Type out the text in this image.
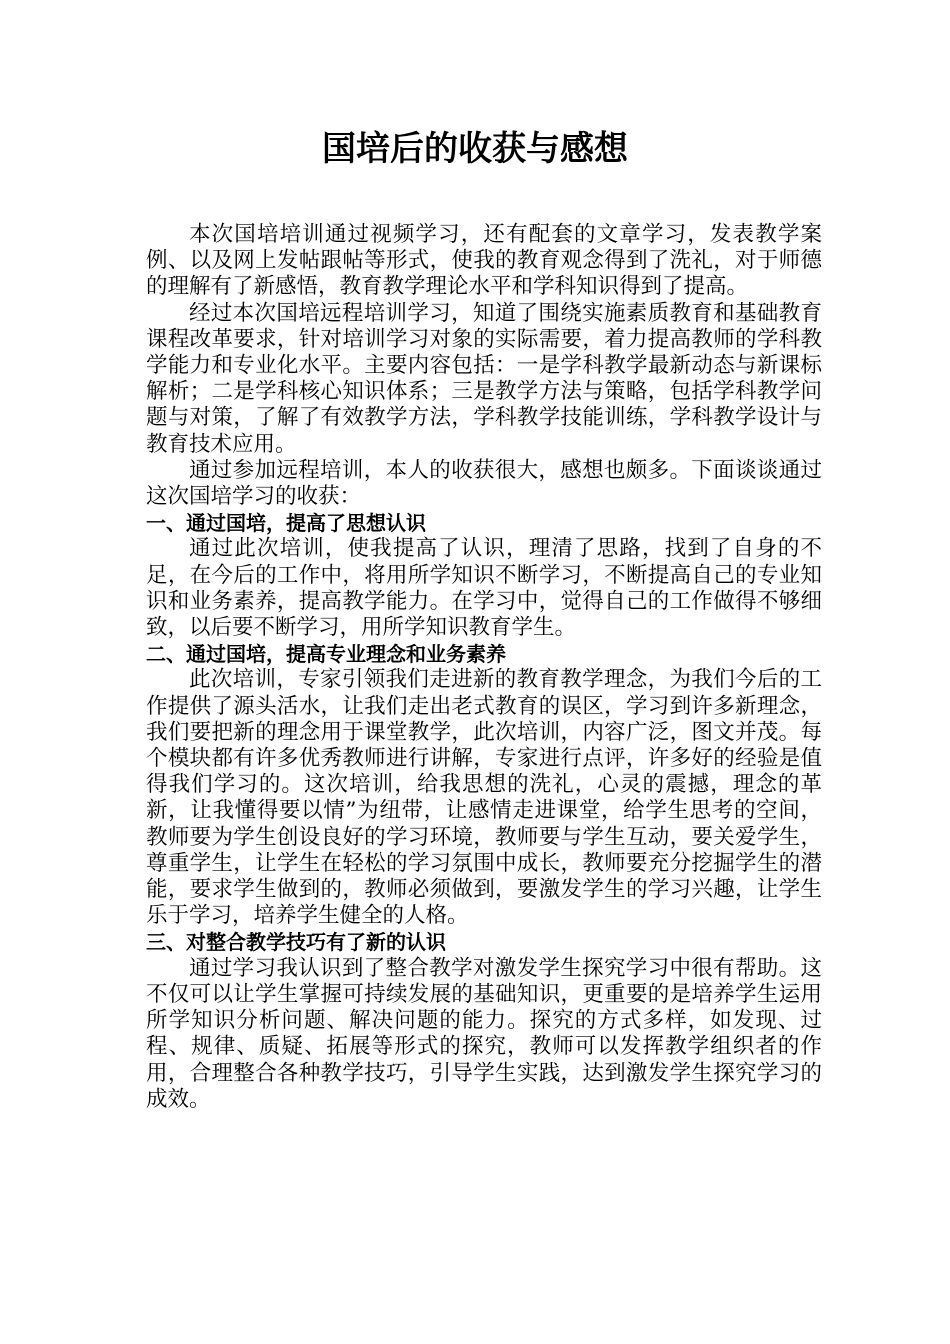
国培后的收获与感想

本次国培培训通过视频学习，还有配套的文章学习，发表教学案例、以及网上发帖跟帖等形式，使我的教育观念得到了洗礼，对于师德的理解有了新感悟，教育教学理论水平和学科知识得到了提高。

经过本次国培远程培训学习，知道了围绕实施素质教育和基础教育课程改革要求，针对培训学习对象的实际需要，着力提高教师的学科教学能力和专业化水平。主要内容包括：一是学科教学最新动态与新课标解析；二是学科核心知识体系；三是教学方法与策略，包括学科教学问题与对策，了解了有效教学方法，学科教学技能训练，学科教学设计与教育技术应用。

通过参加远程培训，本人的收获很大，感想也颇多。下面谈谈通过这次国培学习的收获：

一、通过国培，提高了思想认识

通过此次培训，使我提高了认识，理清了思路，找到了自身的不足，在今后的工作中，将用所学知识不断学习，不断提高自己的专业知识和业务素养，提高教学能力。在学习中，觉得自己的工作做得不够细致，以后要不断学习，用所学知识教育学生。

二、通过国培，提高专业理念和业务素养

此次培训，专家引领我们走进新的教育教学理念，为我们今后的工作提供了源头活水，让我们走出老式教育的误区，学习到许多新理念，我们要把新的理念用于课堂教学，此次培训，内容广泛，图文并茂。每个模块都有许多优秀教师进行讲解，专家进行点评，许多好的经验是值得我们学习的。这次培训，给我思想的洗礼，心灵的震撼，理念的革新，让我懂得要以情”为纽带，让感情走进课堂，给学生思考的空间，教师要为学生创设良好的学习环境，教师要与学生互动，要关爱学生，尊重学生，让学生在轻松的学习氛围中成长，教师要充分挖掘学生的潜能，要求学生做到的，教师必须做到，要激发学生的学习兴趣，让学生乐于学习，培养学生健全的人格。

三、对整合教学技巧有了新的认识

通过学习我认识到了整合教学对激发学生探究学习中很有帮助。这不仅可以让学生掌握可持续发展的基础知识，更重要的是培养学生运用所学知识分析问题、解决问题的能力。探究的方式多样，如发现、过程、规律、质疑、拓展等形式的探究，教师可以发挥教学组织者的作用，合理整合各种教学技巧，引导学生实践，达到激发学生探究学习的成效。
